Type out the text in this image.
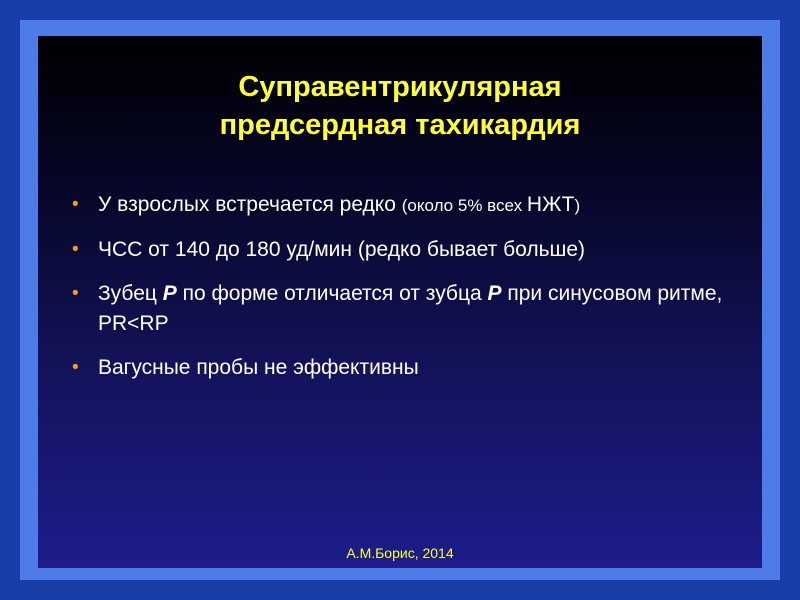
Суправентрикулярная
предсердная тахикардия
• У взрослых встречается редко (около 5% всех НЖТ)
• ЧСС от 140 до 180 уд/мин (редко бывает больше)
• Зубец Р по форме отличается от зубца Р при синусовом ритме, PR<RP
• Вагусные пробы не эффективны
А.М.Борис, 2014
